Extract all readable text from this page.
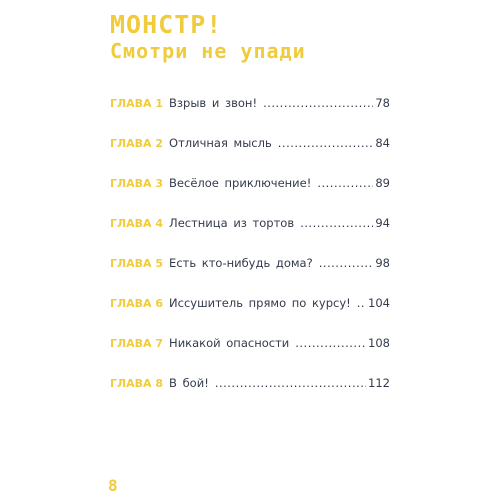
МОНСТР!
Смотри не упади
ГЛАВА 1 Взрыв и звон! .....	78
ГЛАВА 2 Отличная мысль .....	84
ГЛАВА 3 Весёлое приключение! .....	89
ГЛАВА 4 Лестница из тортов .....	94
ГЛАВА 5 Есть кто-нибудь дома? .....	98
ГЛАВА 6 Иссушитель прямо по курсу! ..... 104
ГЛАВА 7 Никакой опасности .....	108
ГЛАВА 8 В бой! .....	112
8
